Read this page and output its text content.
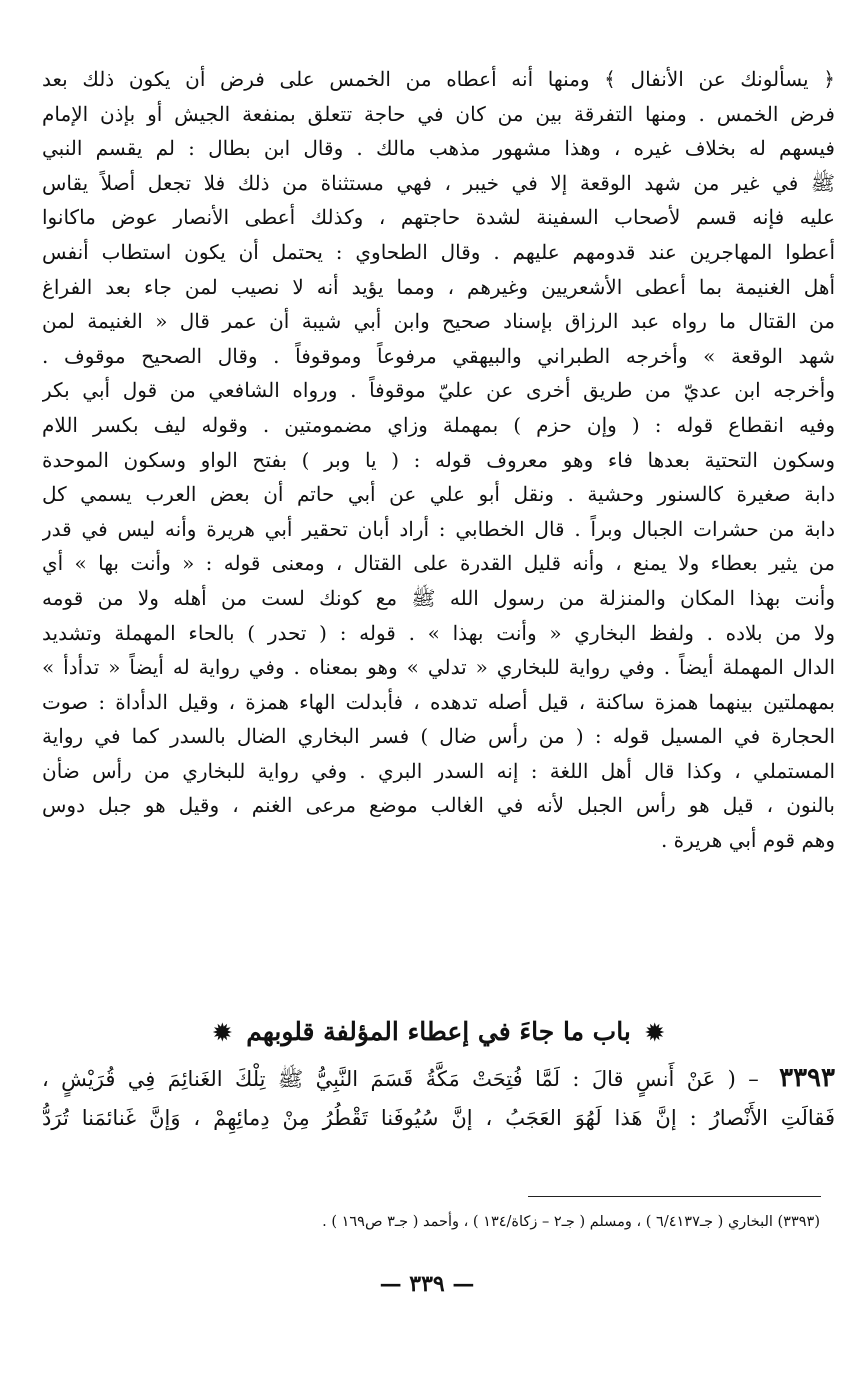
﴿ يسألونك عن الأنفال ﴾ ومنها أنه أعطاه من الخمس على فرض أن يكون ذلك بعد
فرض الخمس . ومنها التفرقة بين من كان في حاجة تتعلق بمنفعة الجيش أو بإذن الإمام
فيسهم له بخلاف غيره ، وهذا مشهور مذهب مالك . وقال ابن بطال : لم يقسم النبي
ﷺ في غير من شهد الوقعة إلا في خيبر ، فهي مستثناة من ذلك فلا تجعل أصلاً يقاس
عليه فإنه قسم لأصحاب السفينة لشدة حاجتهم ، وكذلك أعطى الأنصار عوض ماكانوا
أعطوا المهاجرين عند قدومهم عليهم . وقال الطحاوي : يحتمل أن يكون استطاب أنفس
أهل الغنيمة بما أعطى الأشعريين وغيرهم ، ومما يؤيد أنه لا نصيب لمن جاء بعد الفراغ
من القتال ما رواه عبد الرزاق بإسناد صحيح وابن أبي شيبة أن عمر قال « الغنيمة لمن
شهد الوقعة » وأخرجه الطبراني والبيهقي مرفوعاً وموقوفاً . وقال الصحيح موقوف .
وأخرجه ابن عديّ من طريق أخرى عن عليّ موقوفاً . ورواه الشافعي من قول أبي بكر
وفيه انقطاع قوله : ( وإن حزم ) بمهملة وزاي مضمومتين . وقوله ليف بكسر اللام
وسكون التحتية بعدها فاء وهو معروف قوله : ( يا وبر ) بفتح الواو وسكون الموحدة
دابة صغيرة كالسنور وحشية . ونقل أبو علي عن أبي حاتم أن بعض العرب يسمي كل
دابة من حشرات الجبال وبراً . قال الخطابي : أراد أبان تحقير أبي هريرة وأنه ليس في قدر
من يثير بعطاء ولا يمنع ، وأنه قليل القدرة على القتال ، ومعنى قوله : « وأنت بها » أي
وأنت بهذا المكان والمنزلة من رسول الله ﷺ مع كونك لست من أهله ولا من قومه
ولا من بلاده . ولفظ البخاري « وأنت بهذا » . قوله : ( تحدر ) بالحاء المهملة وتشديد
الدال المهملة أيضاً . وفي رواية للبخاري « تدلي » وهو بمعناه . وفي رواية له أيضاً « تدأدأ »
بمهملتين بينهما همزة ساكنة ، قيل أصله تدهده ، فأبدلت الهاء همزة ، وقيل الدأداة : صوت
الحجارة في المسيل قوله : ( من رأس ضال ) فسر البخاري الضال بالسدر كما في رواية
المستملي ، وكذا قال أهل اللغة : إنه السدر البري . وفي رواية للبخاري من رأس ضأن
بالنون ، قيل هو رأس الجبل لأنه في الغالب موضع مرعى الغنم ، وقيل هو جبل دوس
وهم قوم أبي هريرة .
✹ باب ما جاءَ في إعطاء المؤلفة قلوبهم ✹
٣٣٩٣ – ( عَنْ أَنسٍ قالَ : لَمَّا فُتِحَتْ مَكَّةُ قَسَمَ النَّبِيُّ ﷺ تِلْكَ الغَنائِمَ فِي قُرَيْشٍ ،
فَقالَتِ الأَنْصارُ : إنَّ هَذا لَهُوَ العَجَبُ ، إنَّ سُيُوفَنا تَقْطُرُ مِنْ دِمائِهِمْ ، وَإنَّ غَنائمَنا تُرَدُّ
(٣٣٩٣) البخاري ( جـ٦/٤١٣٧ ) ، ومسلم ( جـ٢ – زكاة/١٣٤ ) ، وأحمد ( جـ٣ ص١٦٩ ) .
— ٣٣٩ —
